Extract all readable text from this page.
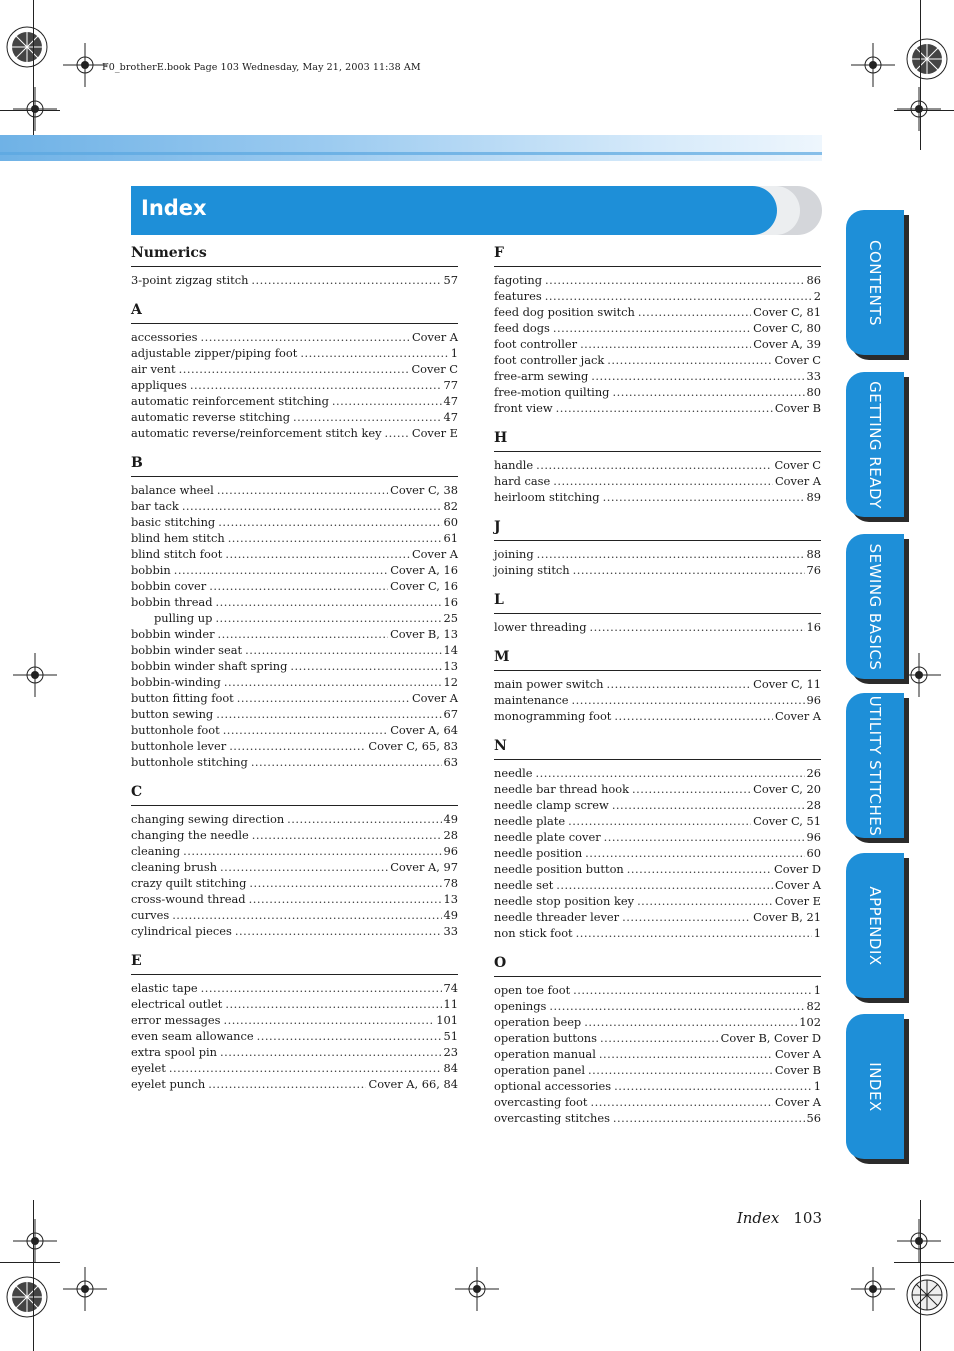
F0_brotherE.book Page 103 Wednesday, May 21, 2003 11:38 AM
Index
Numerics
3-point zigzag stitch .....	57
A
accessories .....	Cover A
adjustable zipper/piping foot .....	1
air vent .....	Cover C
appliques .....	77
automatic reinforcement stitching .....	47
automatic reverse stitching .....	47
automatic reverse/reinforcement stitch key .....	Cover E
B
balance wheel .....	Cover C, 38
bar tack .....	82
basic stitching .....	60
blind hem stitch .....	61
blind stitch foot .....	Cover A
bobbin .....	Cover A, 16
bobbin cover .....	Cover C, 16
bobbin thread .....	16
pulling up .....	25
bobbin winder .....	Cover B, 13
bobbin winder seat .....	14
bobbin winder shaft spring .....	13
bobbin-winding .....	12
button fitting foot .....	Cover A
button sewing .....	67
buttonhole foot .....	Cover A, 64
buttonhole lever .....	Cover C, 65, 83
buttonhole stitching .....	63
C
changing sewing direction .....	49
changing the needle .....	28
cleaning .....	96
cleaning brush .....	Cover A, 97
crazy quilt stitching .....	78
cross-wound thread .....	13
curves .....	49
cylindrical pieces .....	33
E
elastic tape .....	74
electrical outlet .....	11
error messages .....	101
even seam allowance .....	51
extra spool pin .....	23
eyelet .....	84
eyelet punch .....	Cover A, 66, 84
F
fagoting .....	86
features .....	2
feed dog position switch .....	Cover C, 81
feed dogs .....	Cover C, 80
foot controller .....	Cover A, 39
foot controller jack .....	Cover C
free-arm sewing .....	33
free-motion quilting .....	80
front view .....	Cover B
H
handle .....	Cover C
hard case .....	Cover A
heirloom stitching .....	89
J
joining .....	88
joining stitch .....	76
L
lower threading .....	16
M
main power switch .....	Cover C, 11
maintenance .....	96
monogramming foot .....	Cover A
N
needle .....	26
needle bar thread hook .....	Cover C, 20
needle clamp screw .....	28
needle plate .....	Cover C, 51
needle plate cover .....	96
needle position .....	60
needle position button .....	Cover D
needle set .....	Cover A
needle stop position key .....	Cover E
needle threader lever .....	Cover B, 21
non stick foot .....	1
O
open toe foot .....	1
openings .....	82
operation beep .....	102
operation buttons .....	Cover B, Cover D
operation manual .....	Cover A
operation panel .....	Cover B
optional accessories .....	1
overcasting foot .....	Cover A
overcasting stitches .....	56
CONTENTS
GETTING READY
SEWING BASICS
UTILITY STITCHES
APPENDIX
INDEX
Index 103
